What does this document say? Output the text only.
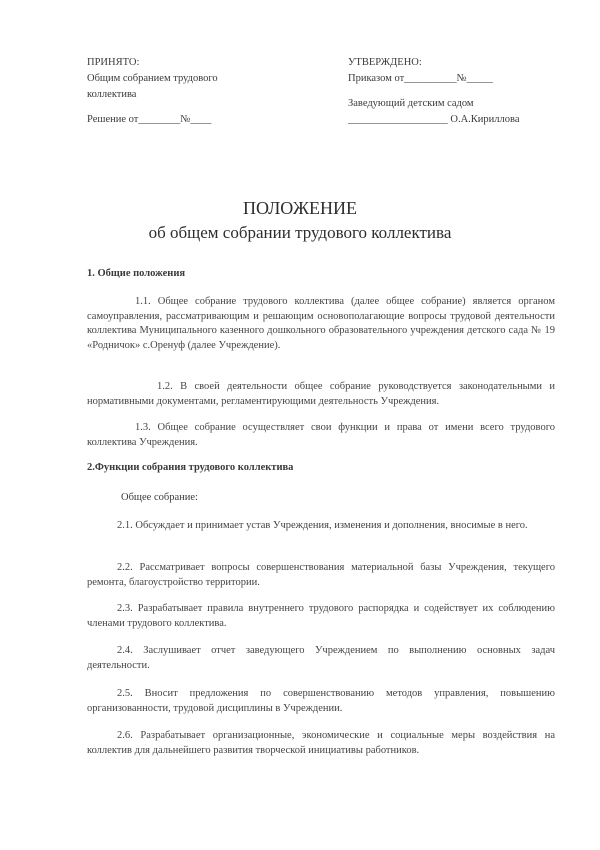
ПРИНЯТО:
Общим собранием трудового
коллектива
Решение от________№____
УТВЕРЖДЕНО:
Приказом от__________№_____
Заведующий детским садом
___________________ О.А.Кириллова
ПОЛОЖЕНИЕ
об общем собрании трудового коллектива
1. Общие положения
1.1. Общее собрание трудового коллектива (далее общее собрание) является органом самоуправления, рассматривающим и решающим основополагающие вопросы трудовой деятельности коллектива Муниципального казенного дошкольного образовательного учреждения детского сада № 19 «Родничок» с.Оренуф (далее Учреждение).
1.2. В своей деятельности общее собрание руководствуется законодательными и нормативными документами, регламентирующими деятельность Учреждения.
1.3. Общее собрание осуществляет свои функции и права от имени всего трудового коллектива Учреждения.
2.Функции собрания трудового коллектива
Общее собрание:
2.1. Обсуждает и принимает устав Учреждения, изменения и дополнения, вносимые в него.
2.2. Рассматривает вопросы совершенствования материальной базы Учреждения, текущего ремонта, благоустройство территории.
2.3. Разрабатывает правила внутреннего трудового распорядка и содействует их соблюдению членами трудового коллектива.
2.4. Заслушивает отчет заведующего Учреждением по выполнению основных задач деятельности.
2.5. Вносит предложения по совершенствованию методов управления, повышению организованности, трудовой дисциплины в Учреждении.
2.6. Разрабатывает организационные, экономические и социальные меры воздействия на коллектив для дальнейшего развития творческой инициативы работников.
